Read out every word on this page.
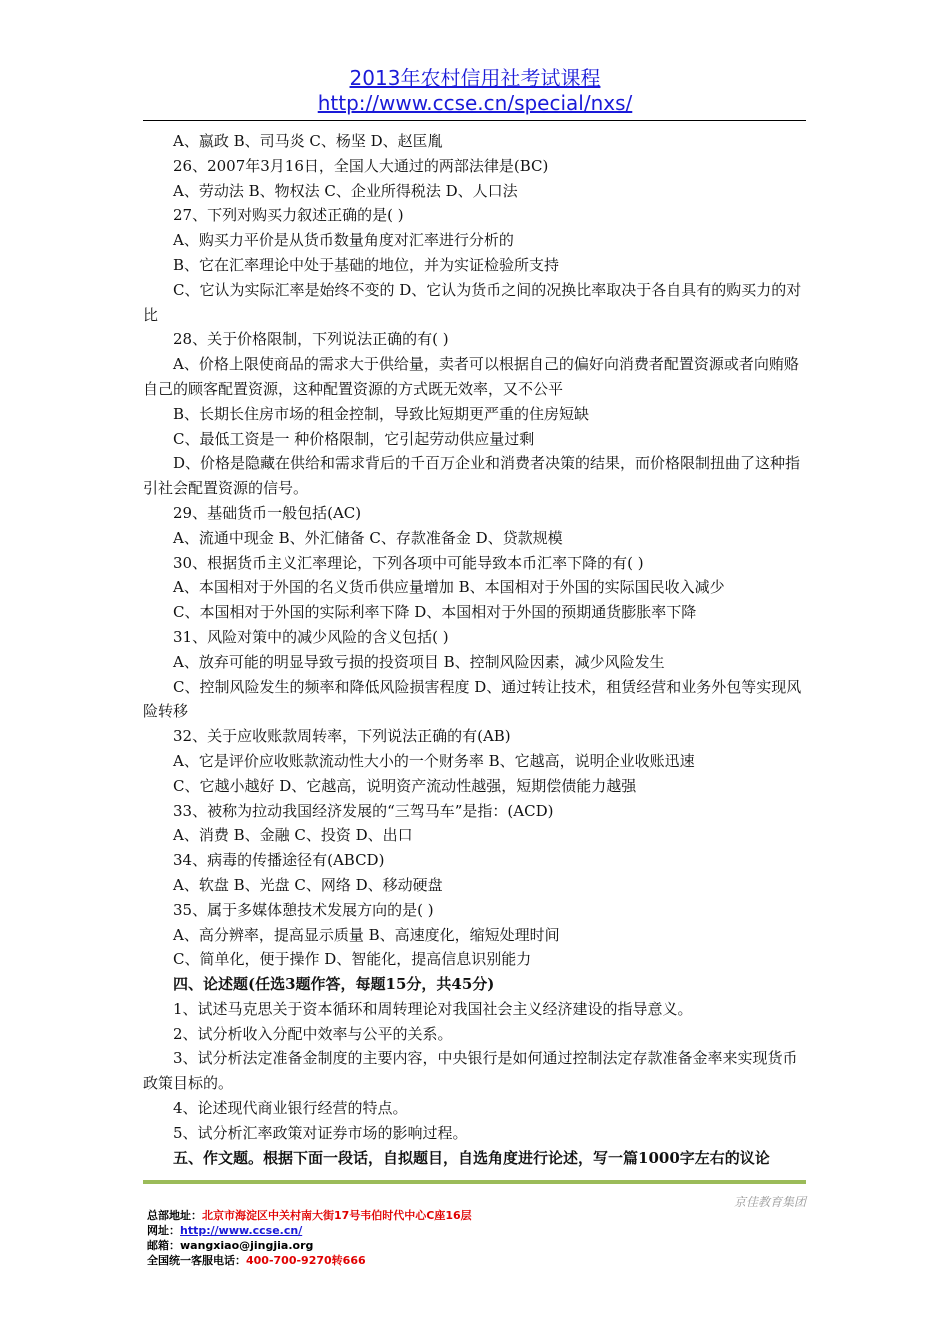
2013年农村信用社考试课程
http://www.ccse.cn/special/nxs/

A、嬴政 B、司马炎 C、杨坚 D、赵匡胤

26、2007年3月16日，全国人大通过的两部法律是(BC)

A、劳动法 B、物权法 C、企业所得税法 D、人口法

27、下列对购买力叙述正确的是( )

A、购买力平价是从货币数量角度对汇率进行分析的

B、它在汇率理论中处于基础的地位，并为实证检验所支持

C、它认为实际汇率是始终不变的 D、它认为货币之间的况换比率取决于各自具有的购买力的对比

28、关于价格限制，下列说法正确的有( )

A、价格上限使商品的需求大于供给量，卖者可以根据自己的偏好向消费者配置资源或者向贿赂自己的顾客配置资源，这种配置资源的方式既无效率，又不公平

B、长期长住房市场的租金控制，导致比短期更严重的住房短缺

C、最低工资是一 种价格限制，它引起劳动供应量过剩

D、价格是隐藏在供给和需求背后的千百万企业和消费者决策的结果，而价格限制扭曲了这种指引社会配置资源的信号。

29、基础货币一般包括(AC)

A、流通中现金 B、外汇储备 C、存款准备金 D、贷款规模

30、根据货币主义汇率理论，下列各项中可能导致本币汇率下降的有( )

A、本国相对于外国的名义货币供应量增加 B、本国相对于外国的实际国民收入减少

C、本国相对于外国的实际利率下降 D、本国相对于外国的预期通货膨胀率下降

31、风险对策中的减少风险的含义包括( )

A、放弃可能的明显导致亏损的投资项目 B、控制风险因素，减少风险发生

C、控制风险发生的频率和降低风险损害程度 D、通过转让技术，租赁经营和业务外包等实现风险转移

32、关于应收账款周转率，下列说法正确的有(AB)

A、它是评价应收账款流动性大小的一个财务率 B、它越高，说明企业收账迅速

C、它越小越好 D、它越高，说明资产流动性越强，短期偿债能力越强

33、被称为拉动我国经济发展的“三驾马车”是指：(ACD)

A、消费 B、金融 C、投资 D、出口

34、病毒的传播途径有(ABCD)

A、软盘 B、光盘 C、网络 D、移动硬盘

35、属于多媒体憩技术发展方向的是( )

A、高分辨率，提高显示质量 B、高速度化，缩短处理时间

C、简单化，便于操作 D、智能化，提高信息识别能力

四、论述题(任选3题作答，每题15分，共45分)

1、试述马克思关于资本循环和周转理论对我国社会主义经济建设的指导意义。

2、试分析收入分配中效率与公平的关系。

3、试分析法定准备金制度的主要内容，中央银行是如何通过控制法定存款准备金率来实现货币政策目标的。

4、论述现代商业银行经营的特点。

5、试分析汇率政策对证券市场的影响过程。

五、作文题。根据下面一段话，自拟题目，自选角度进行论述，写一篇1000字左右的议论

京佳教育集团
总部地址：北京市海淀区中关村南大街17号韦伯时代中心C座16层
网址：http://www.ccse.cn/
邮箱：wangxiao@jingjia.org
全国统一客服电话：400-700-9270转666
